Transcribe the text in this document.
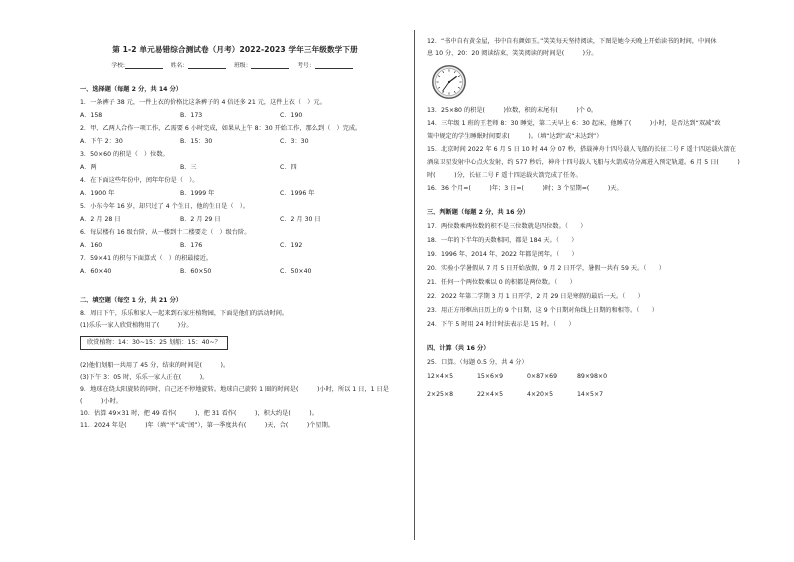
第 1-2 单元易错综合测试卷（月考）2022-2023 学年三年级数学下册
学校:	姓名：	班级：	考号：
一、选择题（每题 2 分，共 14 分）
1．一条裤子 38 元，一件上衣的价格比这条裤子的 4 倍还多 21 元，这件上衣（　）元。
A．158	B．173	C．190
2．甲、乙两人合作一项工作，乙需要 6 小时完成，如果从上午 8：30 开始工作，那么到（　）完成。
A．下午 2：30	B．15：30	C．3：30
3．50×60 的积是（　）位数。
A．两	B．三	C．四
4．在下面这些年份中，闰年年份是（　）。
A．1900 年	B．1999 年	C．1996 年
5．小东今年 16 岁，却只过了 4 个生日，他的生日是（　）。
A．2 月 28 日	B．2 月 29 日	C．2 月 30 日
6．每层楼有 16 级台阶，从一楼到十二楼要走（　）级台阶。
A．160	B．176	C．192
7．59×41 的积与下面算式（　）的积最接近。
A．60×40	B．60×50	C．50×40
二、填空题（每空 1 分，共 21 分）
8．周日下午，乐乐和家人一起来到石家庄植物园，下面是他们的活动时间。
(1)乐乐一家人欣赏植物用了(　　　)分。
欣赏植物：14：30~15：25 划船：15：40~？
(2)他们划船一共用了 45 分，结束的时间是(　　　)。
(3)下午 3：05 时，乐乐一家人正在(　　　)。
9．地球在绕太阳旋转的同时，自己还不停地旋转。地球自己旋转 1 圈的时间是(　　　)小时，所以 1 日，1 日是
(　　　)小时。
10．估算 49×31 时，把 49 看作(　　　)，把 31 看作(　　　)，积大约是(　　　)。
11．2024 年是(　　　)年（填“平”或“闰”），第一季度共有(　　　)天，合(　　　)个星期。
12．“书中自有黄金屋，书中自有颜如玉。”笑笑每天坚持阅读，下图是她今天晚上开始读书的时间，中间休
息 10 分，20：20 阅读结束，笑笑阅读的时间是(　　　)分。
13．25×80 的积是(　　　)位数，积的末尾有(　　　)个 0。
14．三年级 1 班的王老师 8：30 睡觉，第二天早上 6：30 起床，他睡了(　　　)小时，是否达到“双减”政
策中规定的学生睡眠时间要求(　　　)。（填“达到”或“未达到”）
15．北京时间 2022 年 6 月 5 日 10 时 44 分 07 秒，搭载神舟十四号载人飞船的长征二号 F 遥十四运载火箭在
酒泉卫星发射中心点火发射，约 577 秒后，神舟十四号载人飞船与火箭成功分离进入预定轨道。6 月 5 日(　　　)
时(　　　)分，长征二号 F 遥十四运载火箭完成了任务。
16．36 个月=(　　　)年；3 日=(　　　)时；3 个星期=(　　　)天。
三、判断题（每题 2 分，共 16 分）
17．两位数乘两位数的积不是三位数就是四位数。（　　）
18．一年的下半年的天数相同，都是 184 天。（　　）
19．1996 年、2014 年、2022 年都是闰年。（　　）
20．实验小学暑假从 7 月 5 日开始放假，9 月 2 日开学，暑假一共有 59 天。（　　）
21．任何一个两位数乘以 0 的积都是两位数。（　　）
22．2022 年第二学期 3 月 1 日开学，2 月 29 日是寒假的最后一天。（　　）
23．用正方形框出日历上的 9 个日期，这 9 个日期对角线上日期的和相等。（　　）
24．下午 5 时用 24 时计时法表示是 15 时。（　　）
四、计算（共 16 分）
25．口算。（每题 0.5 分，共 4 分）
12×4×5	15×6×9	0×87×69	89×98×0
2×25×8	22×4×5	4×20×5	14×5×7
